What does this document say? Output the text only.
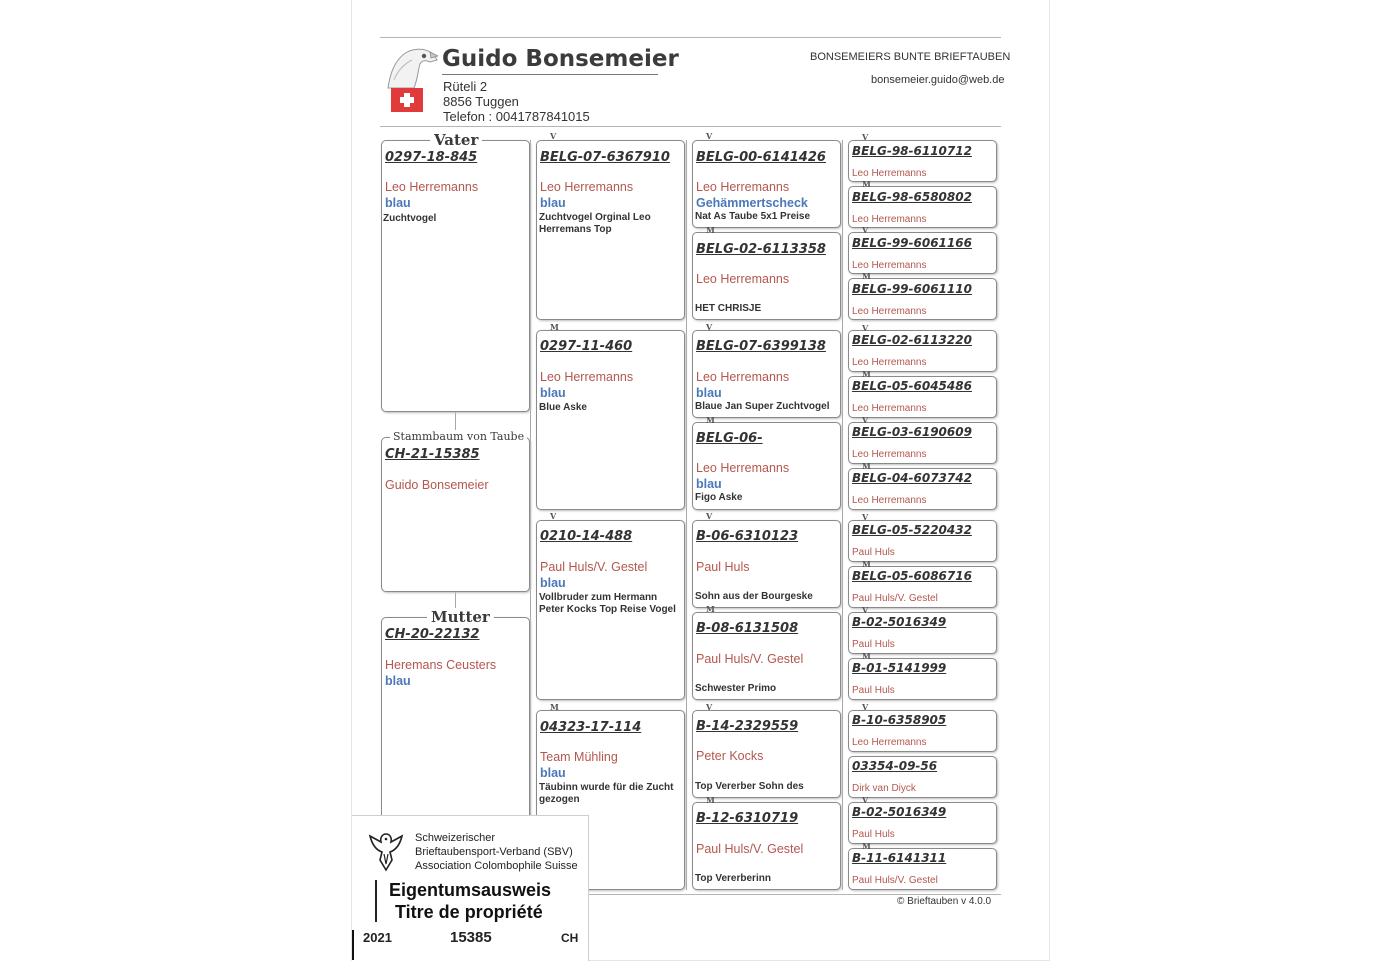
Guido Bonsemeier
Rüteli 2
8856 Tuggen
Telefon : 0041787841015
BONSEMEIERS BUNTE BRIEFTAUBEN
bonsemeier.guido@web.de
Vater
0297-18-845
Leo Herremanns
blau
Zuchtvogel
Stammbaum von Taube
CH-21-15385
Guido Bonsemeier
Mutter
CH-20-22132
Heremans Ceusters
blau
V
BELG-07-6367910
Leo Herremanns
blau
Zuchtvogel Orginal Leo Herremans Top
M
0297-11-460
Leo Herremanns
blau
Blue Aske
V
0210-14-488
Paul Huls/V. Gestel
blau
Vollbruder zum Hermann Peter Kocks Top Reise Vogel
M
04323-17-114
Team Mühling
blau
Täubinn wurde für die Zucht gezogen
V
BELG-00-6141426
Leo Herremanns
Gehämmertscheck
Nat As Taube 5x1 Preise
M
BELG-02-6113358
Leo Herremanns
HET CHRISJE
V
BELG-07-6399138
Leo Herremanns
blau
Blaue Jan Super Zuchtvogel
M
BELG-06-
Leo Herremanns
blau
Figo Aske
V
B-06-6310123
Paul Huls
Sohn aus der Bourgeske
M
B-08-6131508
Paul Huls/V. Gestel
Schwester Primo
V
B-14-2329559
Peter Kocks
Top Vererber Sohn des
M
B-12-6310719
Paul Huls/V. Gestel
Top Vererberinn
V
BELG-98-6110712
Leo Herremanns
M
BELG-98-6580802
Leo Herremanns
V
BELG-99-6061166
Leo Herremanns
M
BELG-99-6061110
Leo Herremanns
V
BELG-02-6113220
Leo Herremanns
M
BELG-05-6045486
Leo Herremanns
V
BELG-03-6190609
Leo Herremanns
M
BELG-04-6073742
Leo Herremanns
V
BELG-05-5220432
Paul Huls
M
BELG-05-6086716
Paul Huls/V. Gestel
V
B-02-5016349
Paul Huls
M
B-01-5141999
Paul Huls
V
B-10-6358905
Leo Herremanns
03354-09-56
Dirk van Diyck
V
B-02-5016349
Paul Huls
M
B-11-6141311
Paul Huls/V. Gestel
© Brieftauben v 4.0.0
Schweizerischer
Brieftaubensport-Verband (SBV)
Association Colombophile Suisse
Eigentumsausweis
Titre de propriété
2021	15385	CH
